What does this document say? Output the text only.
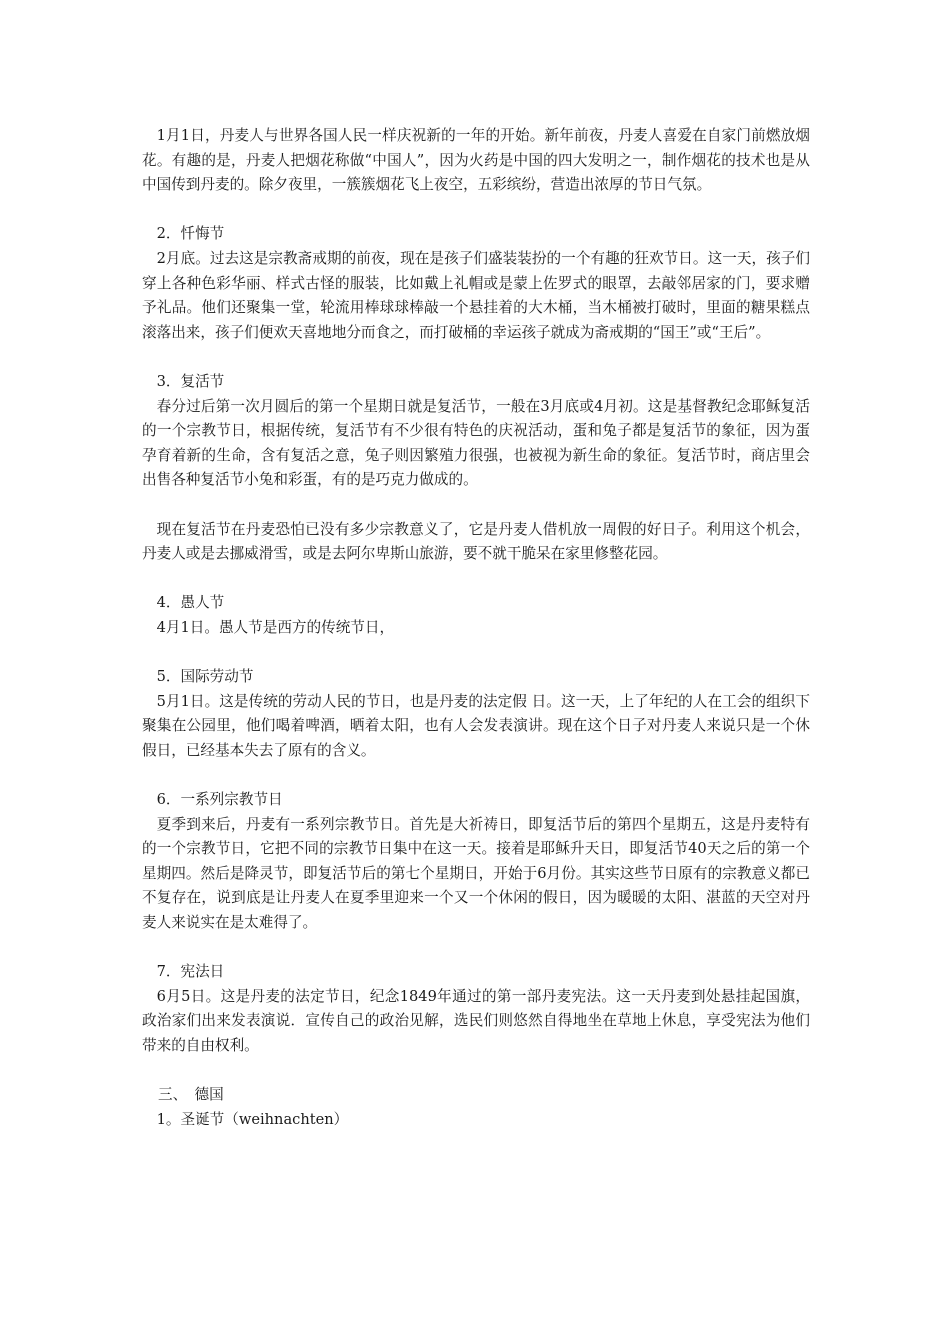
1月1日，丹麦人与世界各国人民一样庆祝新的一年的开始。新年前夜，丹麦人喜爱在自家门前燃放烟花。有趣的是，丹麦人把烟花称做“中国人”，因为火药是中国的四大发明之一，制作烟花的技术也是从中国传到丹麦的。除夕夜里，一簇簇烟花飞上夜空，五彩缤纷，营造出浓厚的节日气氛。

2．忏悔节

2月底。过去这是宗教斋戒期的前夜，现在是孩子们盛装装扮的一个有趣的狂欢节日。这一天，孩子们穿上各种色彩华丽、样式古怪的服装，比如戴上礼帽或是蒙上佐罗式的眼罩，去敲邻居家的门，要求赠予礼品。他们还聚集一堂，轮流用棒球球棒敲一个悬挂着的大木桶，当木桶被打破时，里面的糖果糕点滚落出来，孩子们便欢天喜地地分而食之，而打破桶的幸运孩子就成为斋戒期的“国王”或“王后”。

3．复活节

春分过后第一次月圆后的第一个星期日就是复活节，一般在3月底或4月初。这是基督教纪念耶稣复活的一个宗教节日，根据传统，复活节有不少很有特色的庆祝活动，蛋和兔子都是复活节的象征，因为蛋孕育着新的生命，含有复活之意，兔子则因繁殖力很强，也被视为新生命的象征。复活节时，商店里会出售各种复活节小兔和彩蛋，有的是巧克力做成的。

现在复活节在丹麦恐怕已没有多少宗教意义了，它是丹麦人借机放一周假的好日子。利用这个机会，丹麦人或是去挪威滑雪，或是去阿尔卑斯山旅游，要不就干脆呆在家里修整花园。

4．愚人节

4月1日。愚人节是西方的传统节日，

5．国际劳动节

5月1日。这是传统的劳动人民的节日，也是丹麦的法定假 日。这一天，上了年纪的人在工会的组织下聚集在公园里，他们喝着啤酒，晒着太阳，也有人会发表演讲。现在这个日子对丹麦人来说只是一个休假日，已经基本失去了原有的含义。

6．一系列宗教节日

夏季到来后，丹麦有一系列宗教节日。首先是大祈祷日，即复活节后的第四个星期五，这是丹麦特有的一个宗教节日，它把不同的宗教节日集中在这一天。接着是耶稣升天日，即复活节40天之后的第一个星期四。然后是降灵节，即复活节后的第七个星期日，开始于6月份。其实这些节日原有的宗教意义都已不复存在，说到底是让丹麦人在夏季里迎来一个又一个休闲的假日，因为暖暖的太阳、湛蓝的天空对丹麦人来说实在是太难得了。

7．宪法日

6月5日。这是丹麦的法定节日，纪念1849年通过的第一部丹麦宪法。这一天丹麦到处悬挂起国旗，政治家们出来发表演说．宣传自己的政治见解，选民们则悠然自得地坐在草地上休息，享受宪法为他们带来的自由权利。

三、　德国

1。圣诞节（weihnachten）
